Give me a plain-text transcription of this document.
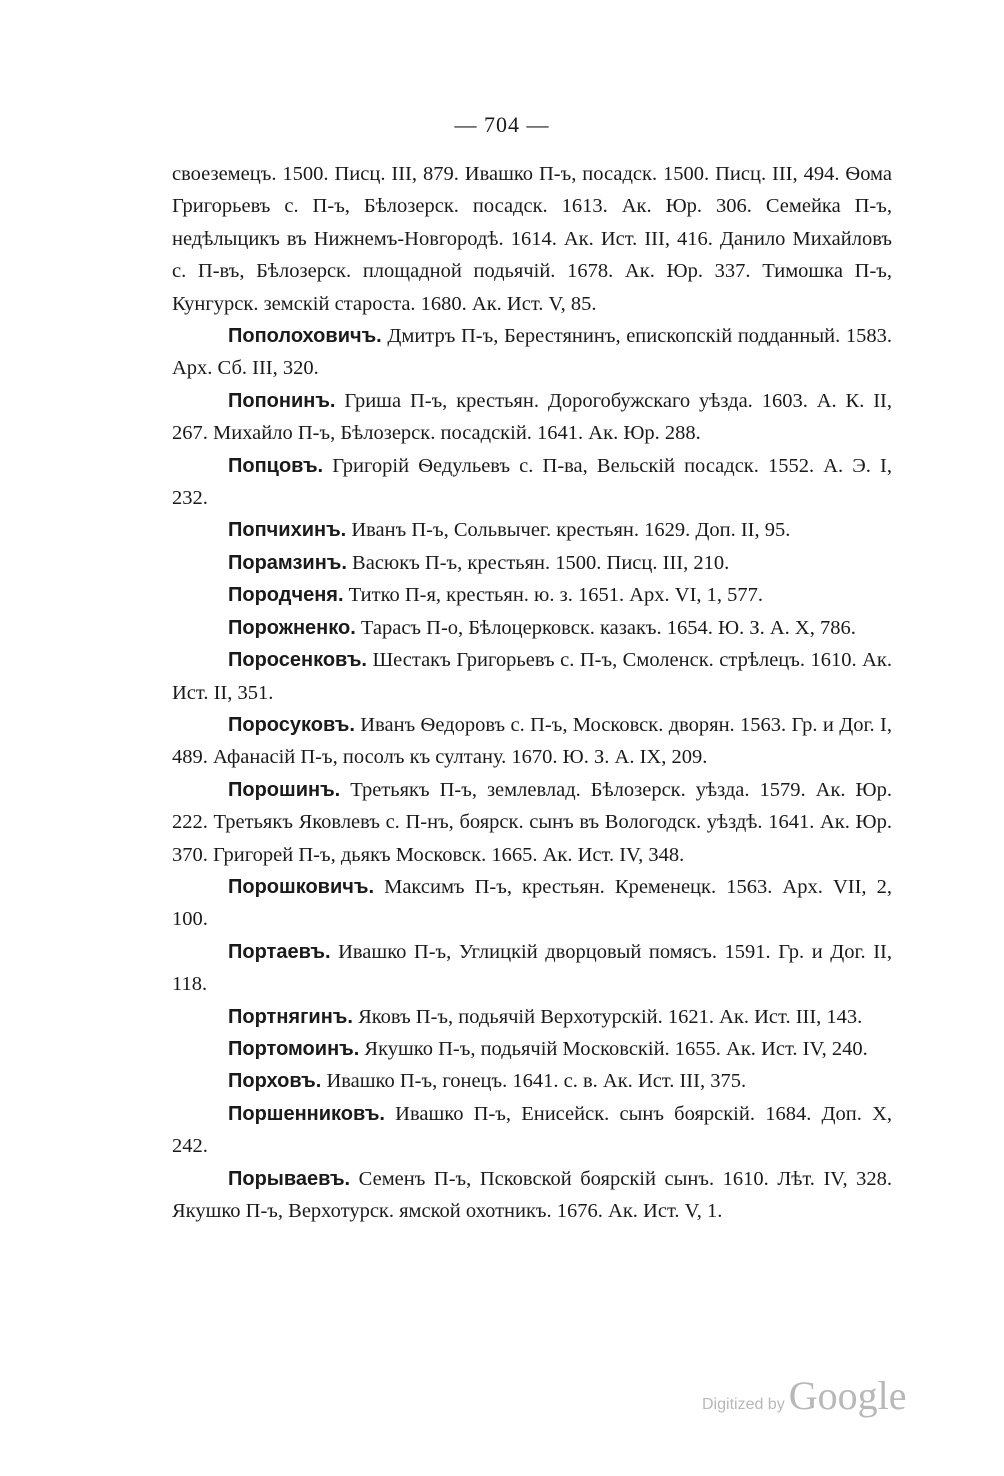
— 704 —

своеземецъ. 1500. Писц. III, 879. Ивашко П-ъ, посадск. 1500. Писц. III, 494. Ѳома Григорьевъ с. П-ъ, Бѣлозерск. посадск. 1613. Ак. Юр. 306. Семейка П-ъ, недѣлыцикъ въ Нижнемъ-Новгородѣ. 1614. Ак. Ист. III, 416. Данило Михайловъ с. П-въ, Бѣлозерск. площадной подьячій. 1678. Ак. Юр. 337. Тимошка П-ъ, Кунгурск. земскій староста. 1680. Ак. Ист. V, 85.

Пополоховичъ. Дмитръ П-ъ, Берестянинъ, епископскій подданный. 1583. Арх. Сб. III, 320.

Попонинъ. Гриша П-ъ, крестьян. Дорогобужскаго уѣзда. 1603. А. К. II, 267. Михайло П-ъ, Бѣлозерск. посадскій. 1641. Ак. Юр. 288.

Попцовъ. Григорій Ѳедульевъ с. П-ва, Вельскій посадск. 1552. А. Э. I, 232.

Попчихинъ. Иванъ П-ъ, Сольвычег. крестьян. 1629. Доп. II, 95.

Порамзинъ. Васюкъ П-ъ, крестьян. 1500. Писц. III, 210.

Породченя. Титко П-я, крестьян. ю. з. 1651. Арх. VI, 1, 577.

Порожненко. Тарасъ П-о, Бѣлоцерковск. казакъ. 1654. Ю. З. А. X, 786.

Поросенковъ. Шестакъ Григорьевъ с. П-ъ, Смоленск. стрѣлецъ. 1610. Ак. Ист. II, 351.

Поросуковъ. Иванъ Ѳедоровъ с. П-ъ, Московск. дворян. 1563. Гр. и Дог. I, 489. Афанасій П-ъ, посолъ къ султану. 1670. Ю. З. А. IX, 209.

Порошинъ. Третьякъ П-ъ, землевлад. Бѣлозерск. уѣзда. 1579. Ак. Юр. 222. Третьякъ Яковлевъ с. П-нъ, боярск. сынъ въ Вологодск. уѣздѣ. 1641. Ак. Юр. 370. Григорей П-ъ, дьякъ Московск. 1665. Ак. Ист. IV, 348.

Порошковичъ. Максимъ П-ъ, крестьян. Кременецк. 1563. Арх. VII, 2, 100.

Портаевъ. Ивашко П-ъ, Углицкій дворцовый помясъ. 1591. Гр. и Дог. II, 118.

Портнягинъ. Яковъ П-ъ, подьячій Верхотурскій. 1621. Ак. Ист. III, 143.

Портомоинъ. Якушко П-ъ, подьячій Московскій. 1655. Ак. Ист. IV, 240.

Порховъ. Ивашко П-ъ, гонецъ. 1641. с. в. Ак. Ист. III, 375.

Поршенниковъ. Ивашко П-ъ, Енисейск. сынъ боярскій. 1684. Доп. X, 242.

Порываевъ. Семенъ П-ъ, Псковской боярскій сынъ. 1610. Лѣт. IV, 328. Якушко П-ъ, Верхотурск. ямской охотникъ. 1676. Ак. Ист. V, 1.

Digitized by Google
